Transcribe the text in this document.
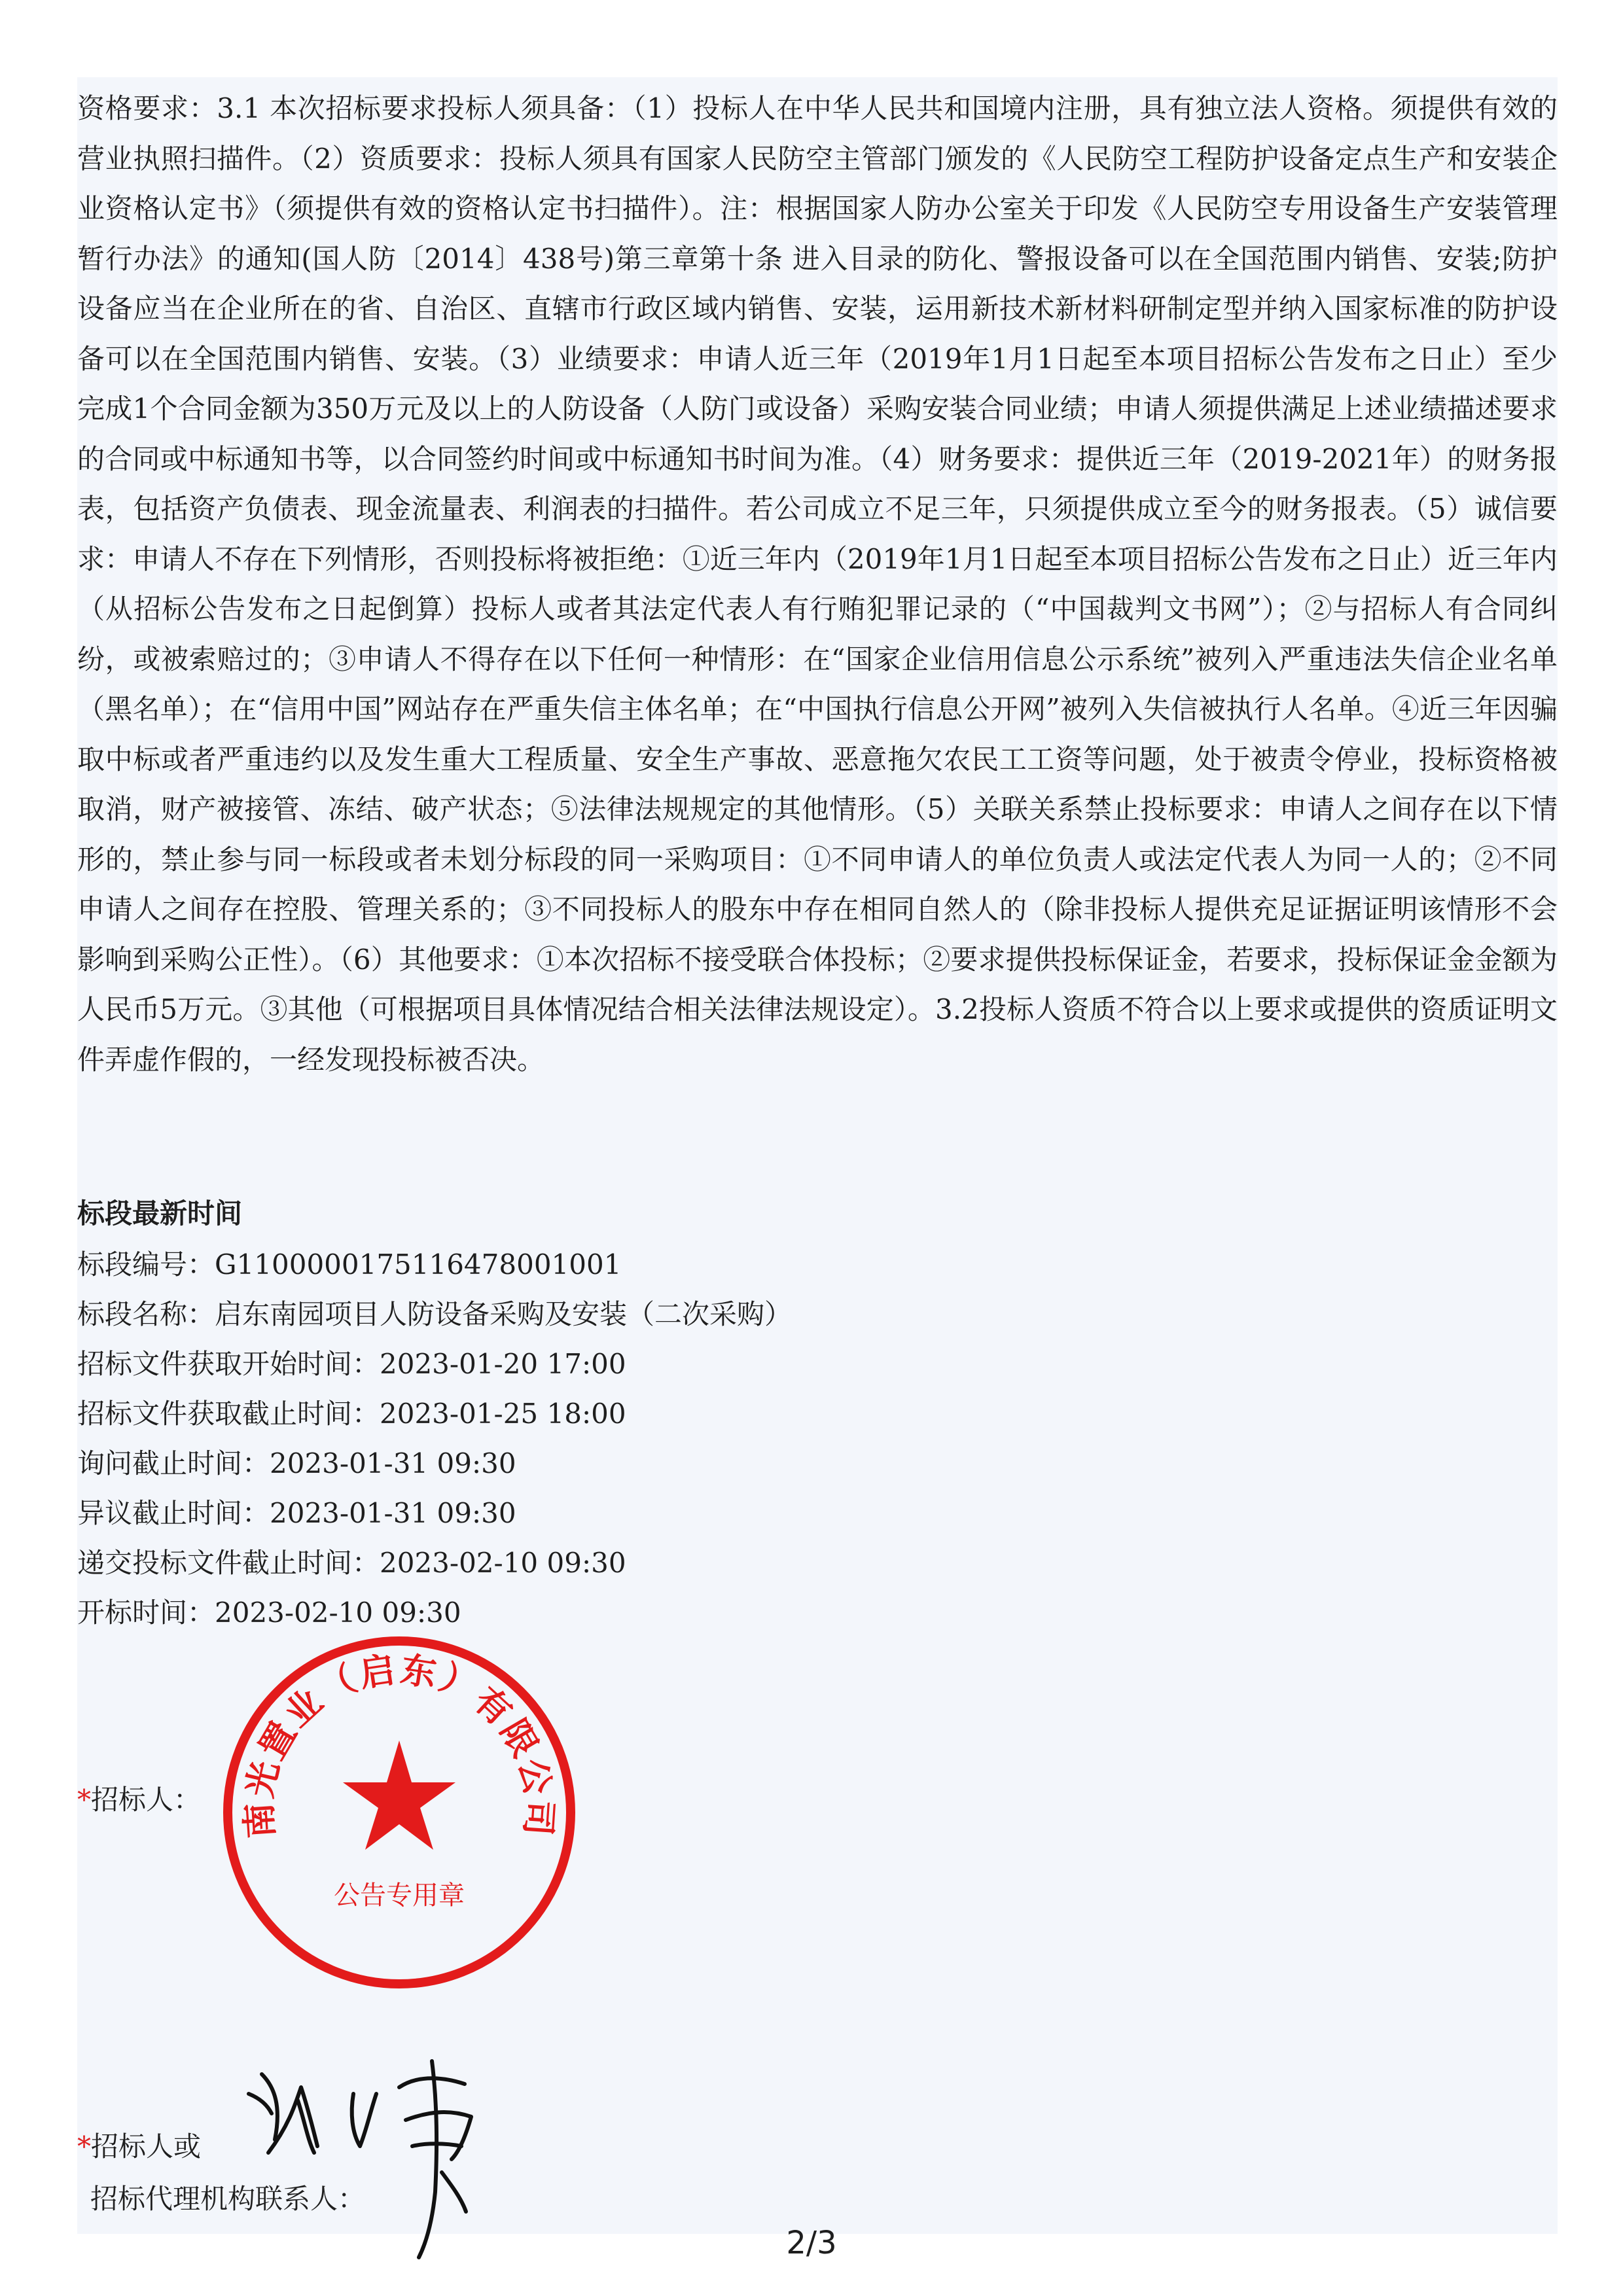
资格要求：3.1 本次招标要求投标人须具备：（1）投标人在中华人民共和国境内注册，具有独立法人资格。须提供有效的营业执照扫描件。（2）资质要求：投标人须具有国家人民防空主管部门颁发的《人民防空工程防护设备定点生产和安装企业资格认定书》（须提供有效的资格认定书扫描件）。注：根据国家人防办公室关于印发《人民防空专用设备生产安装管理暂行办法》的通知(国人防〔2014〕438号)第三章第十条 进入目录的防化、警报设备可以在全国范围内销售、安装;防护设备应当在企业所在的省、自治区、直辖市行政区域内销售、安装，运用新技术新材料研制定型并纳入国家标准的防护设备可以在全国范围内销售、安装。（3）业绩要求：申请人近三年（2019年1月1日起至本项目招标公告发布之日止）至少完成1个合同金额为350万元及以上的人防设备（人防门或设备）采购安装合同业绩；申请人须提供满足上述业绩描述要求的合同或中标通知书等，以合同签约时间或中标通知书时间为准。（4）财务要求：提供近三年（2019-2021年）的财务报表，包括资产负债表、现金流量表、利润表的扫描件。若公司成立不足三年，只须提供成立至今的财务报表。（5）诚信要求：申请人不存在下列情形，否则投标将被拒绝：①近三年内（2019年1月1日起至本项目招标公告发布之日止）近三年内（从招标公告发布之日起倒算）投标人或者其法定代表人有行贿犯罪记录的（“中国裁判文书网”）；②与招标人有合同纠纷，或被索赔过的；③申请人不得存在以下任何一种情形：在“国家企业信用信息公示系统”被列入严重违法失信企业名单（黑名单）；在“信用中国”网站存在严重失信主体名单；在“中国执行信息公开网”被列入失信被执行人名单。④近三年因骗取中标或者严重违约以及发生重大工程质量、安全生产事故、恶意拖欠农民工工资等问题，处于被责令停业，投标资格被取消，财产被接管、冻结、破产状态；⑤法律法规规定的其他情形。（5）关联关系禁止投标要求：申请人之间存在以下情形的，禁止参与同一标段或者未划分标段的同一采购项目：①不同申请人的单位负责人或法定代表人为同一人的；②不同申请人之间存在控股、管理关系的；③不同投标人的股东中存在相同自然人的（除非投标人提供充足证据证明该情形不会影响到采购公正性）。（6）其他要求：①本次招标不接受联合体投标；②要求提供投标保证金，若要求，投标保证金金额为人民币5万元。③其他（可根据项目具体情况结合相关法律法规设定）。3.2投标人资质不符合以上要求或提供的资质证明文件弄虚作假的，一经发现投标被否决。

标段最新时间

标段编号：G1100000175116478001001

标段名称：启东南园项目人防设备采购及安装（二次采购）

招标文件获取开始时间：2023-01-20 17:00

招标文件获取截止时间：2023-01-25 18:00

询问截止时间：2023-01-31 09:30

异议截止时间：2023-01-31 09:30

递交投标文件截止时间：2023-02-10 09:30

开标时间：2023-02-10 09:30

*招标人：

*招标人或

招标代理机构联系人：

南光置业（启东）有限公司
公告专用章
2/3
